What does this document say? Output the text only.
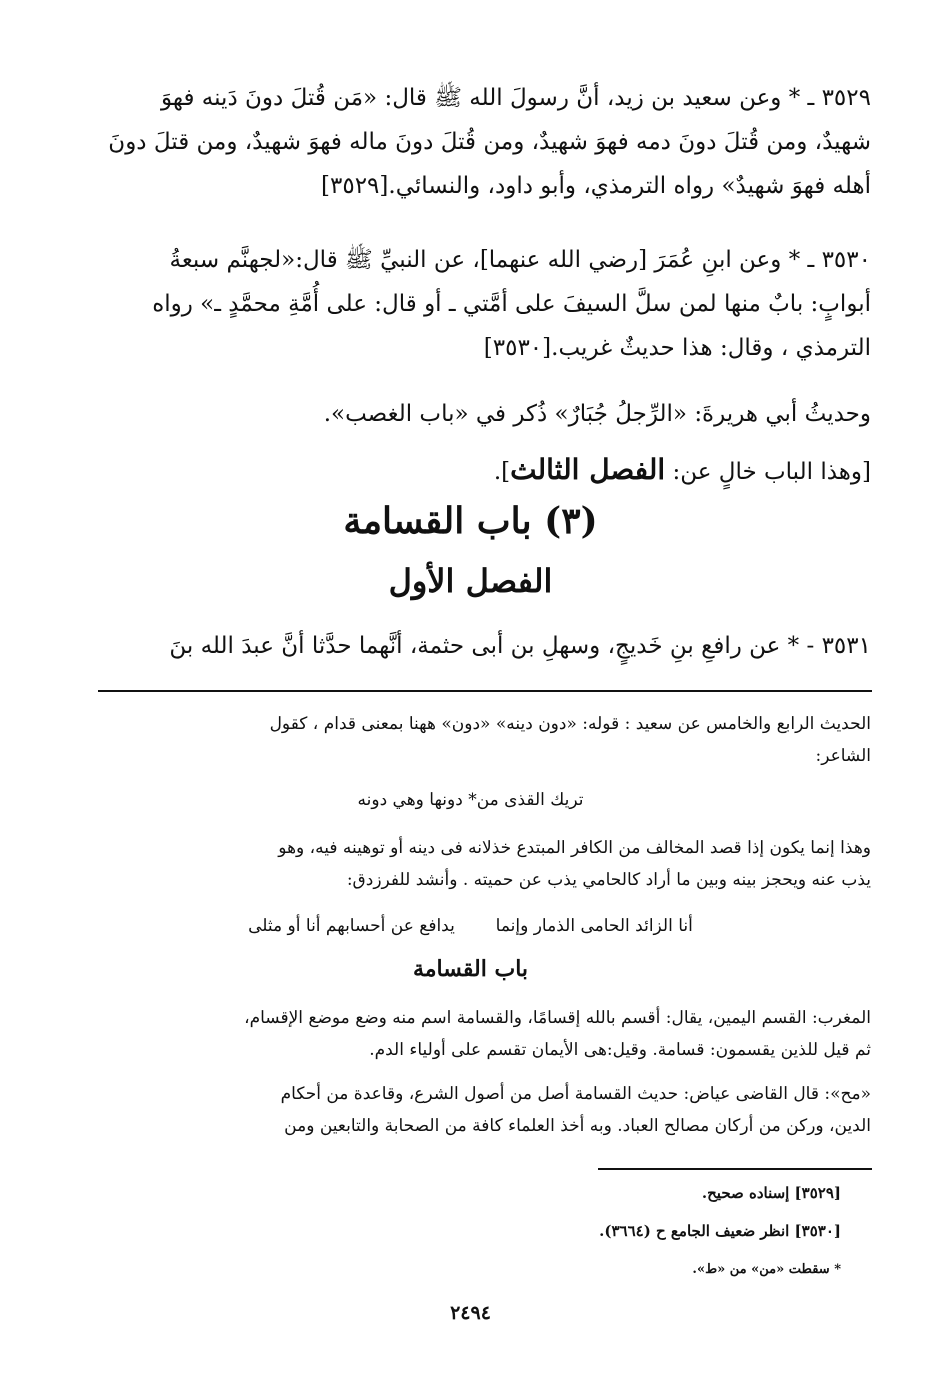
٣٥٢٩ ـ * وعن سعيد بن زيد، أنَّ رسولَ الله ﷺ قال: «مَن قُتلَ دونَ دَينه فهوَ
شهيدٌ، ومن قُتلَ دونَ دمه فهوَ شهيدٌ، ومن قُتلَ دونَ ماله فهوَ شهيدٌ، ومن قتلَ دونَ
أهله فهوَ شهيدٌ» رواه الترمذي، وأبو داود، والنسائي.[٣٥٢٩]
٣٥٣٠ ـ * وعن ابنِ عُمَرَ [رضي الله عنهما]، عن النبيِّ ﷺ قال:«لجهنَّم سبعةُ
أبوابٍ: بابٌ منها لمن سلَّ السيفَ على أمَّتي ـ أو قال: على أُمَّةِ محمَّدٍ ـ» رواه
الترمذي ، وقال: هذا حديثٌ غريب.[٣٥٣٠]
وحديثُ أبي هريرةَ: «الرِّجلُ جُبَارٌ» ذُكر في «باب الغصب».
[وهذا الباب خالٍ عن: الفصل الثالث].
(٣) باب القسامة
الفصل الأول
٣٥٣١ - * عن رافعِ بنِ خَديجٍ، وسهلِ بن أبى حثمة، أنَّهما حدَّثا أنَّ عبدَ الله بنَ
الحديث الرابع والخامس عن سعيد : قوله: «دون دينه» «دون» ههنا بمعنى قدام ، كقول
الشاعر:
تريك القذى من* دونها وهي دونه
وهذا إنما يكون إذا قصد المخالف من الكافر المبتدع خذلانه فى دينه أو توهينه فيه، وهو
يذب عنه ويحجز بينه وبين ما أراد كالحامي يذب عن حميته . وأنشد للفرزدق:
أنا الزائد الحامى الذمار وإنما  يدافع عن أحسابهم أنا أو مثلى
باب القسامة
المغرب: القسم اليمين، يقال: أقسم بالله إقسامًا، والقسامة اسم منه وضع موضع الإقسام،
ثم قيل للذين يقسمون: قسامة. وقيل:هى الأيمان تقسم على أولياء الدم.
«مح»: قال القاضى عياض: حديث القسامة أصل من أصول الشرع، وقاعدة من أحكام
الدين، وركن من أركان مصالح العباد. وبه أخذ العلماء كافة من الصحابة والتابعين ومن
[٣٥٢٩] إسناده صحيح.
[٣٥٣٠] انظر ضعيف الجامع ح (٣٦٦٤).
* سقطت «من» من «ط».
٢٤٩٤
